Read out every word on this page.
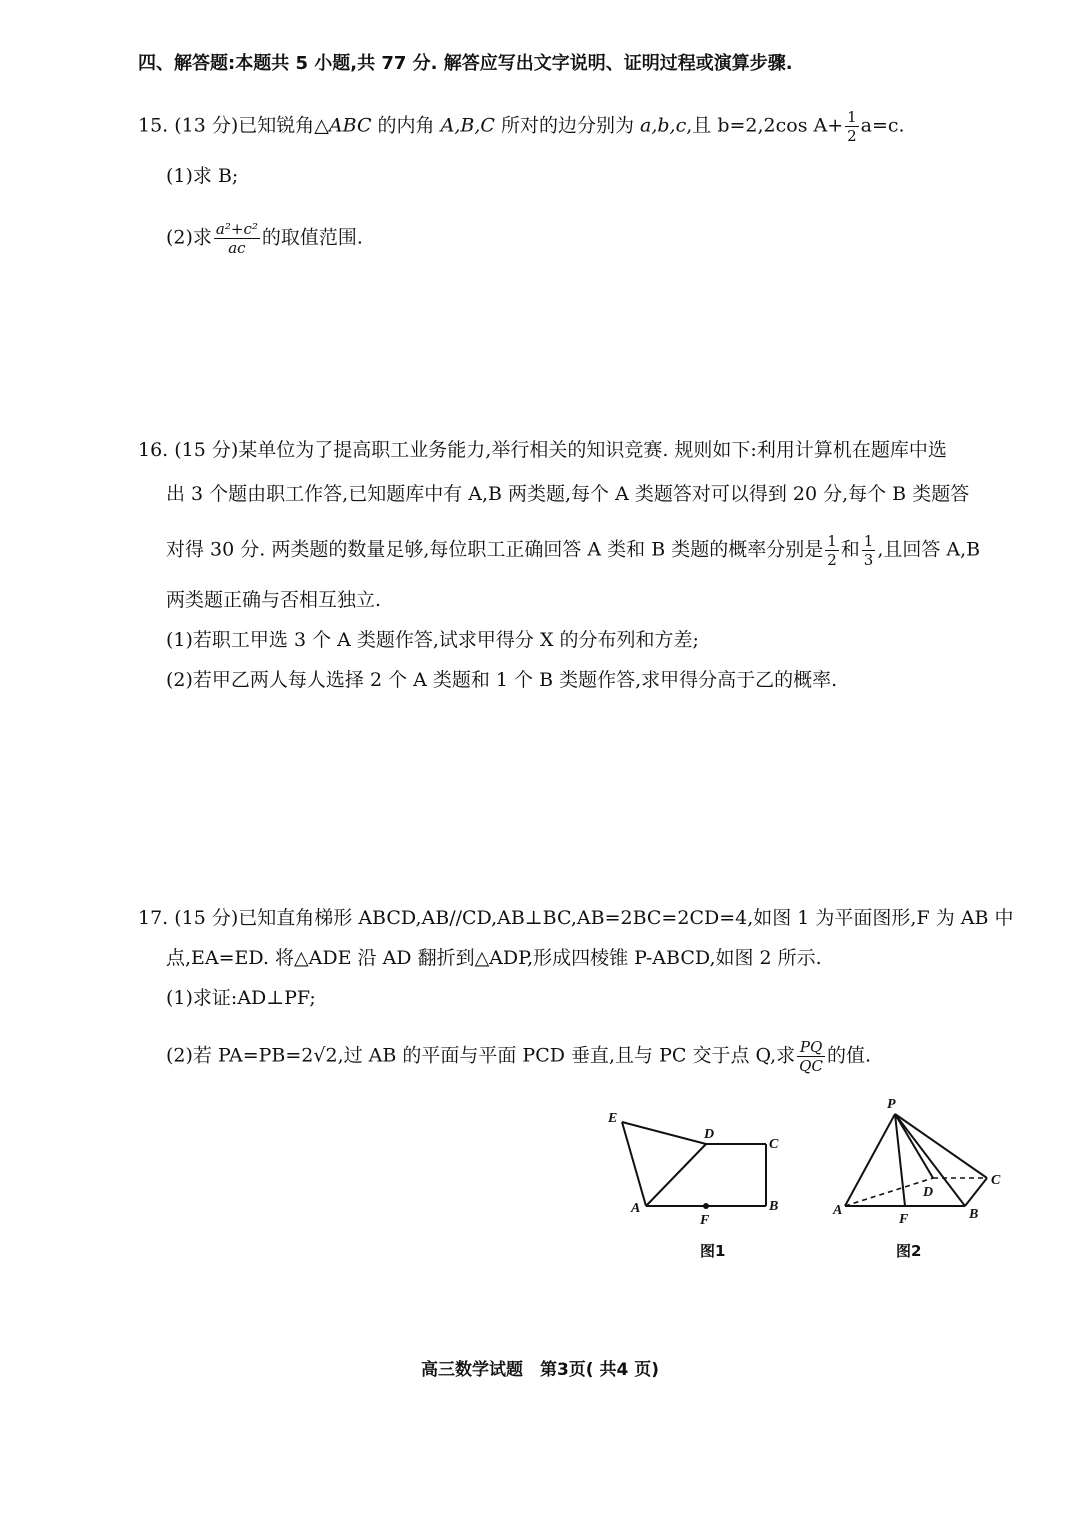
四、解答题:本题共 5 小题,共 77 分. 解答应写出文字说明、证明过程或演算步骤.
15. (13 分)已知锐角△ABC 的内角 A,B,C 所对的边分别为 a,b,c,且 b=2,2cos $A+ \frac{1}{2} a=c$.
(1)求 B;
(2)求 $\frac{\text{a²+c²}}{ac}$ 的取值范围.
16. (15 分)某单位为了提高职工业务能力,举行相关的知识竞赛. 规则如下:利用计算机在题库中选
出 3 个题由职工作答,已知题库中有 A,B 两类题,每个 A 类题答对可以得到 20 分,每个 B 类题答
对得 30 分. 两类题的数量足够,每位职工正确回答 A 类和 B 类题的概率分别是 $\frac{1}{2}$ 和 $\frac{1}{3}$ ,且回答 A,B
两类题正确与否相互独立.
(1)若职工甲选 3 个 A 类题作答,试求甲得分 X 的分布列和方差;
(2)若甲乙两人每人选择 2 个 A 类题和 1 个 B 类题作答,求甲得分高于乙的概率.
17. (15 分)已知直角梯形 ABCD,AB//CD,AB⊥BC,AB=2BC=2CD=4,如图 1 为平面图形,F 为 AB 中
点,EA=ED. 将△ADE 沿 AD 翻折到△ADP,形成四棱锥 P-ABCD,如图 2 所示.
(1)求证:AD⊥PF;
(2)若 PA=PB=2√2,过 AB 的平面与平面 PCD 垂直,且与 PC 交于点 Q,求 $\frac{PQ}{QC}$ 的值.
E
D
C
A
F
B
图1
P
D
C
A
F	B
图2
高三数学试题　第3页( 共4 页)
